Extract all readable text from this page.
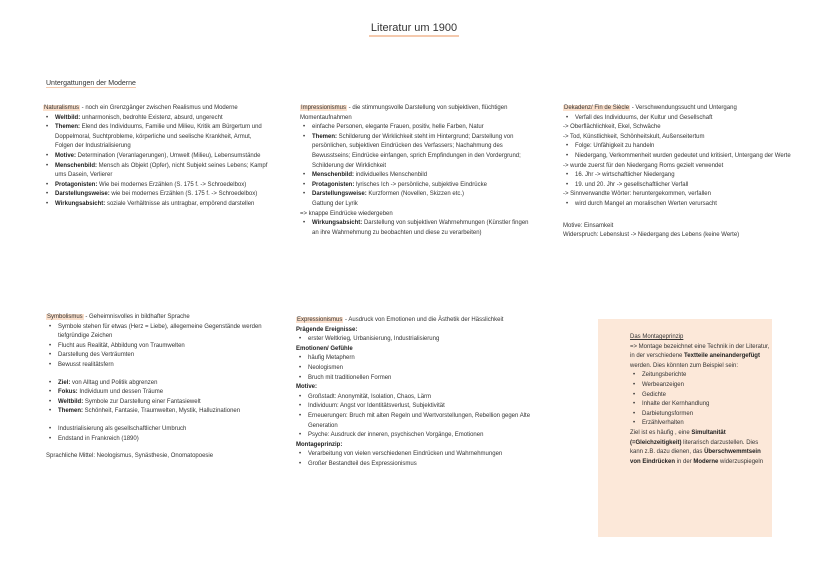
Literatur um 1900
Untergattungen der Moderne

Naturalismus - noch ein Grenzgänger zwischen Realismus und Moderne

• Weltbild: unharmonisch, bedrohte Existenz, absurd, ungerecht
• Themen: Elend des Individuums, Familie und Milieu, Kritik am Bürgertum und Doppelmoral, Suchtprobleme, körperliche und seelische Krankheit, Armut, Folgen der Industrialisierung
• Motive: Determination (Veranlagerungen), Umwelt (Milieu), Lebensumstände
• Menschenbild: Mensch als Objekt (Opfer), nicht Subjekt seines Lebens; Kampf ums Dasein, Verlierer
• Protagonisten: Wie bei modernes Erzählen (S. 175 f. -> Schroedelbox)
• Darstellungsweise: wie bei modernes Erzählen (S. 175 f. -> Schroedelbox)
• Wirkungsabsicht: soziale Verhältnisse als untragbar, empörend darstellen

Impressionismus - die stimmungsvolle Darstellung von subjektiven, flüchtigen Momentaufnahmen

• einfache Personen, elegante Frauen, positiv, helle Farben, Natur
• Themen: Schilderung der Wirklichkeit steht im Hintergrund; Darstellung von persönlichen, subjektiven Eindrücken des Verfassers; Nachahmung des Bewusstseins; Eindrücke einfangen, sprich Empfindungen in den Vordergrund; Schilderung der Wirklichkeit
• Menschenbild: individuelles Menschenbild
• Protagonisten: lyrisches Ich -> persönliche, subjektive Eindrücke
• Darstellungsweise: Kurzformen (Novellen, Skizzen etc.)

Gattung der Lyrik

=> knappe Eindrücke wiedergeben

• Wirkungsabsicht: Darstellung von subjektiven Wahrnehmungen (Künstler fingen an ihre Wahrnehmung zu beobachten und diese zu verarbeiten)

Dekadenz/ Fin de Siècle - Verschwendungssucht und Untergang

• Verfall des Individuums, der Kultur und Gesellschaft
-> Oberflächlichkeit, Ekel, Schwäche
-> Tod, Künstlichkeit, Schönheitskult, Außenseitertum
• Folge: Unfähigkeit zu handeln
• Niedergang, Verkommenheit wurden gedeutet und kritisiert, Untergang der Werte
-> wurde zuerst für den Niedergang Roms gezielt verwendet
• 16. Jhr -> wirtschaftlicher Niedergang
• 19. und 20. Jhr -> gesellschaftlicher Verfall
-> Sinnverwandte Wörter: heruntergekommen, verfallen
• wird durch Mangel an moralischen Werten verursacht

Motive: Einsamkeit

Widerspruch: Lebenslust -> Niedergang des Lebens (keine Werte)

Symbolismus - Geheimnisvolles in bildhafter Sprache

• Symbole stehen für etwas (Herz = Liebe), allegemeine Gegenstände werden tiefgründige Zeichen
• Flucht aus Realität, Abbildung von Traumwelten
• Darstellung des Verträumten
• Bewusst realitätsfern
• Ziel: von Alltag und Politik abgrenzen
• Fokus: Individuum und dessen Träume
• Weltbild: Symbole zur Darstellung einer Fantasiewelt
• Themen: Schönheit, Fantasie, Traumwelten, Mystik, Halluzinationen
• Industrialisierung als gesellschaftlicher Umbruch
• Endstand in Frankreich (1890)

Sprachliche Mittel: Neologismus, Synästhesie, Onomatopoesie

Expressionismus - Ausdruck von Emotionen und die Ästhetik der Hässlichkeit

Prägende Ereignisse:

• erster Weltkrieg, Urbanisierung, Industrialisierung

Emotionen/ Gefühle

• häufig Metaphern
• Neologismen
• Bruch mit traditionellen Formen

Motive:

• Großstadt: Anonymität, Isolation, Chaos, Lärm
• Individuum: Angst vor Identitätsverlust, Subjektivität
• Erneuerungen: Bruch mit alten Regeln und Wertvorstellungen, Rebellion gegen Alte Generation
• Psyche: Ausdruck der inneren, psychischen Vorgänge, Emotionen

Montageprinzip:

• Verarbeitung von vielen verschiedenen Eindrücken und Wahrnehmungen
• Großer Bestandteil des Expressionismus

Das Montageprinzip

=> Montage bezeichnet eine Technik in der Literatur, in der verschiedene Textteile aneinandergefügt werden. Dies könnten zum Beispiel sein:

• Zeitungsberichte
• Werbeanzeigen
• Gedichte
• Inhalte der Kernhandlung
• Darbietungsformen
• Erzählverhalten

Ziel ist es häufig , eine Simultanität (=Gleichzeitigkeit) literarisch darzustellen. Dies kann z.B. dazu dienen, das Überschwemmtsein von Eindrücken in der Moderne widerzuspiegeln
